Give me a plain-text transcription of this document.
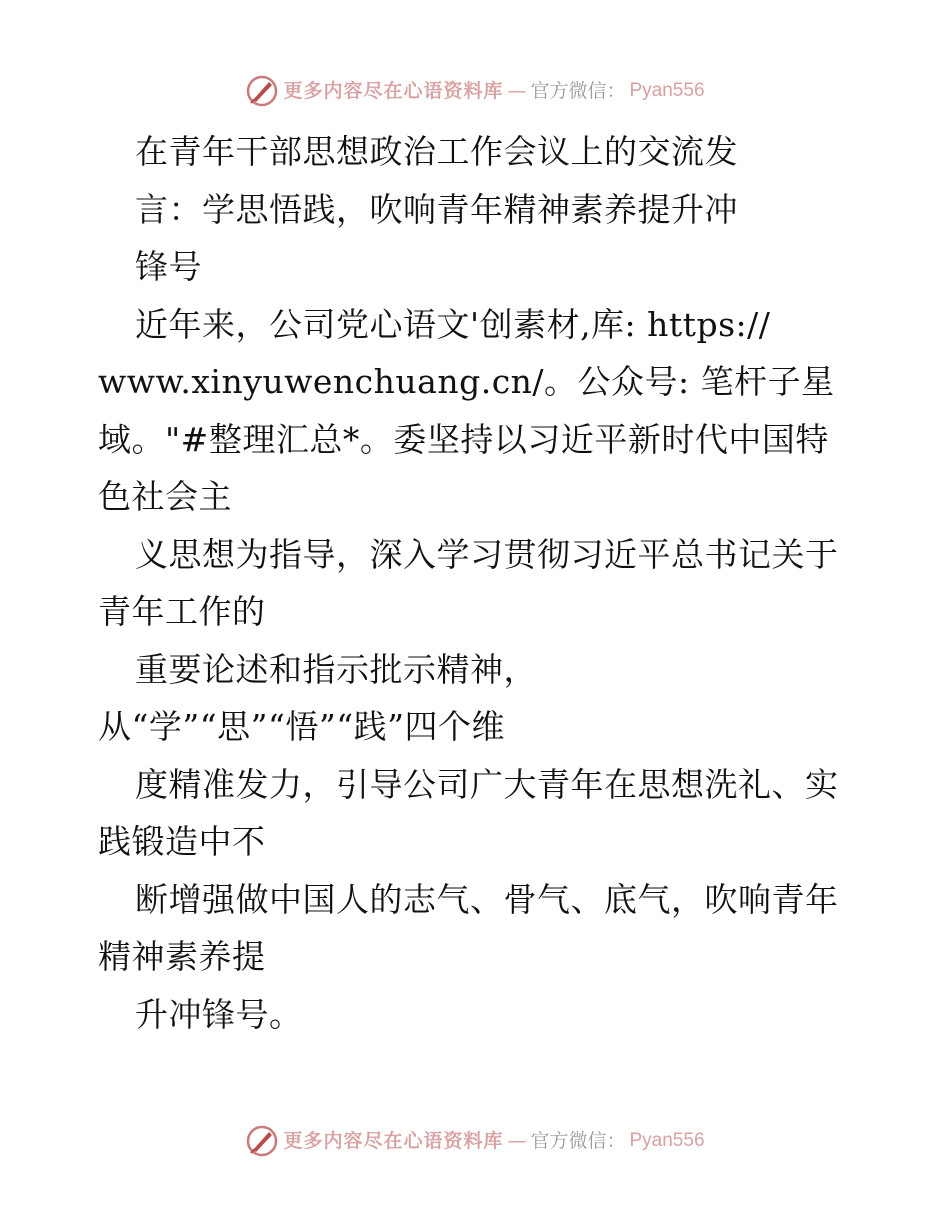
更多内容尽在心语资料库 — 官方微信： Pyan556
在青年干部思想政治工作会议上的交流发
言：学思悟践，吹响青年精神素养提升冲
锋号
近年来，公司党心语文'创素材,库: https://
www.xinyuwenchuang.cn/。公众号: 笔杆子星
域。"#整理汇总*。委坚持以习近平新时代中国特
色社会主
义思想为指导，深入学习贯彻习近平总书记关于
青年工作的
重要论述和指示批示精神，
从“学”“思”“悟”“践”四个维
度精准发力，引导公司广大青年在思想洗礼、实
践锻造中不
断增强做中国人的志气、骨气、底气，吹响青年
精神素养提
升冲锋号。
更多内容尽在心语资料库 — 官方微信： Pyan556
